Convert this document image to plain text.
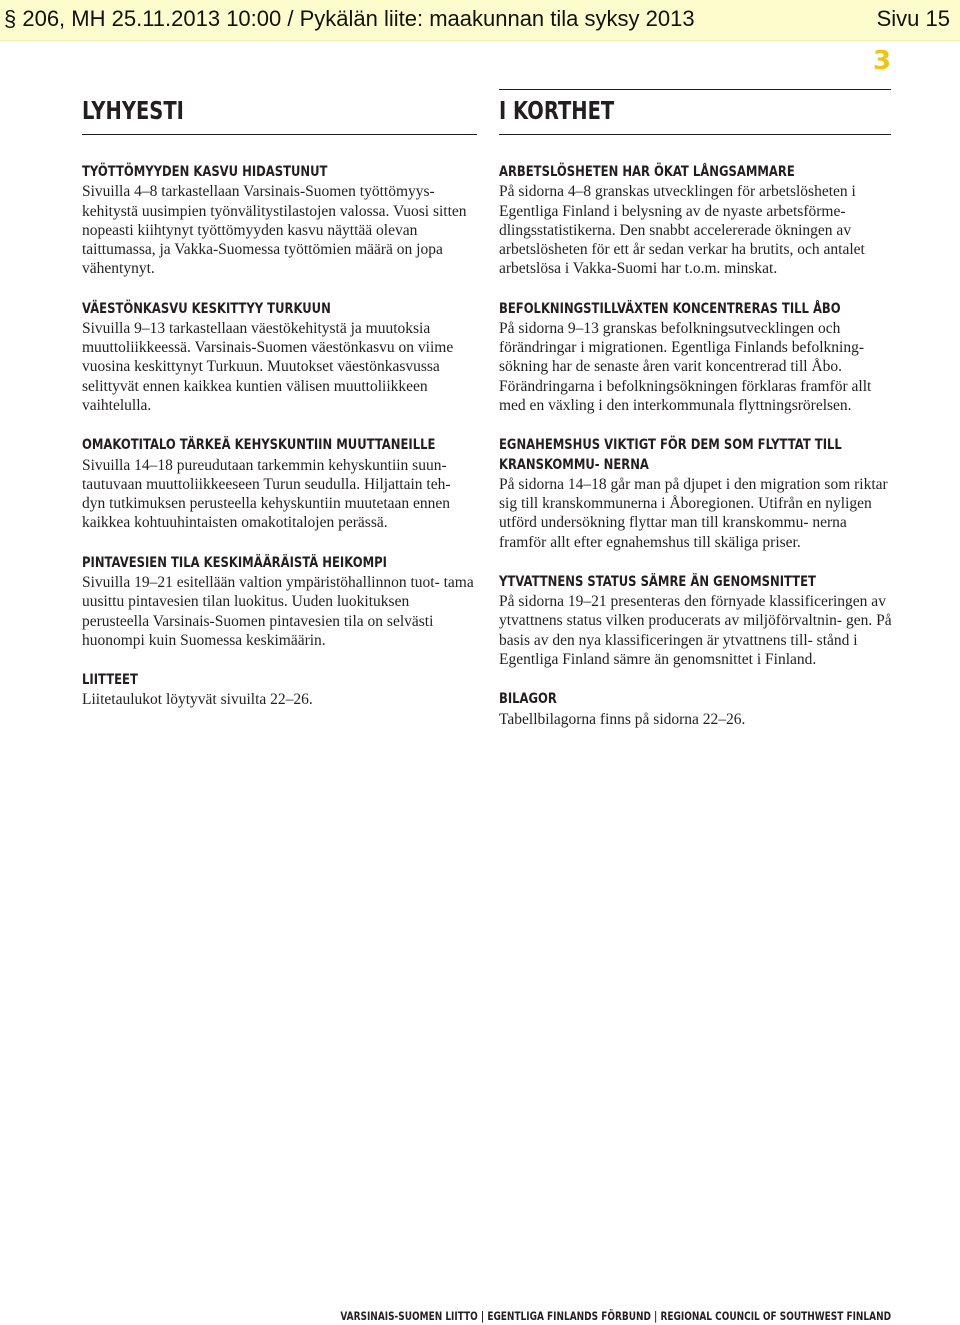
§ 206, MH 25.11.2013 10:00 / Pykälän liite: maakunnan tila syksy 2013	Sivu 15
3
LYHYESTI	I KORTHET
TYÖTTÖMYYDEN KASVU HIDASTUNUT
Sivuilla 4–8 tarkastellaan Varsinais-Suomen työttömyys- kehitystä uusimpien työnvälitystilastojen valossa. Vuosi sitten nopeasti kiihtynyt työttömyyden kasvu näyttää olevan taittumassa, ja Vakka-Suomessa työttömien määrä on jopa vähentynyt.
VÄESTÖNKASVU KESKITTYY TURKUUN
Sivuilla 9–13 tarkastellaan väestökehitystä ja muutoksia muuttoliikkeessä. Varsinais-Suomen väestönkasvu on viime vuosina keskittynyt Turkuun. Muutokset väestönkasvussa selittyvät ennen kaikkea kuntien välisen muuttoliikkeen vaihtelulla.
OMAKOTITALO TÄRKEÄ KEHYSKUNTIIN MUUTTANEILLE
Sivuilla 14–18 pureudutaan tarkemmin kehyskuntiin suun- tautuvaan muuttoliikkeeseen Turun seudulla. Hiljattain teh- dyn tutkimuksen perusteella kehyskuntiin muutetaan ennen kaikkea kohtuuhintaisten omakotitalojen perässä.
PINTAVESIEN TILA KESKIMÄÄRÄISTÄ HEIKOMPI
Sivuilla 19–21 esitellään valtion ympäristöhallinnon tuot- tama uusittu pintavesien tilan luokitus. Uuden luokituksen perusteella Varsinais-Suomen pintavesien tila on selvästi huonompi kuin Suomessa keskimäärin.
LIITTEET
Liitetaulukot löytyvät sivuilta 22–26.
ARBETSLÖSHETEN HAR ÖKAT LÅNGSAMMARE
På sidorna 4–8 granskas utvecklingen för arbetslösheten i Egentliga Finland i belysning av de nyaste arbetsförme- dlingsstatistikerna. Den snabbt accelererade ökningen av arbetslösheten för ett år sedan verkar ha brutits, och antalet arbetslösa i Vakka-Suomi har t.o.m. minskat.
BEFOLKNINGSTILLVÄXTEN KONCENTRERAS TILL ÅBO
På sidorna 9–13 granskas befolkningsutvecklingen och förändringar i migrationen. Egentliga Finlands befolkning- sökning har de senaste åren varit koncentrerad till Åbo. Förändringarna i befolkningsökningen förklaras framför allt med en växling i den interkommunala flyttningsrörelsen.
EGNAHEMSHUS VIKTIGT FÖR DEM SOM FLYTTAT TILL KRANSKOMMU- NERNA
På sidorna 14–18 går man på djupet i den migration som riktar sig till kranskommunerna i Åboregionen. Utifrån en nyligen utförd undersökning flyttar man till kranskommu- nerna framför allt efter egnahemshus till skäliga priser.
YTVATTNENS STATUS SÄMRE ÄN GENOMSNITTET
På sidorna 19–21 presenteras den förnyade klassificeringen av ytvattnens status vilken producerats av miljöförvaltnin- gen. På basis av den nya klassificeringen är ytvattnens till- stånd i Egentliga Finland sämre än genomsnittet i Finland.
BILAGOR
Tabellbilagorna finns på sidorna 22–26.
VARSINAIS-SUOMEN LIITTO | EGENTLIGA FINLANDS FÖRBUND | REGIONAL COUNCIL OF SOUTHWEST FINLAND
